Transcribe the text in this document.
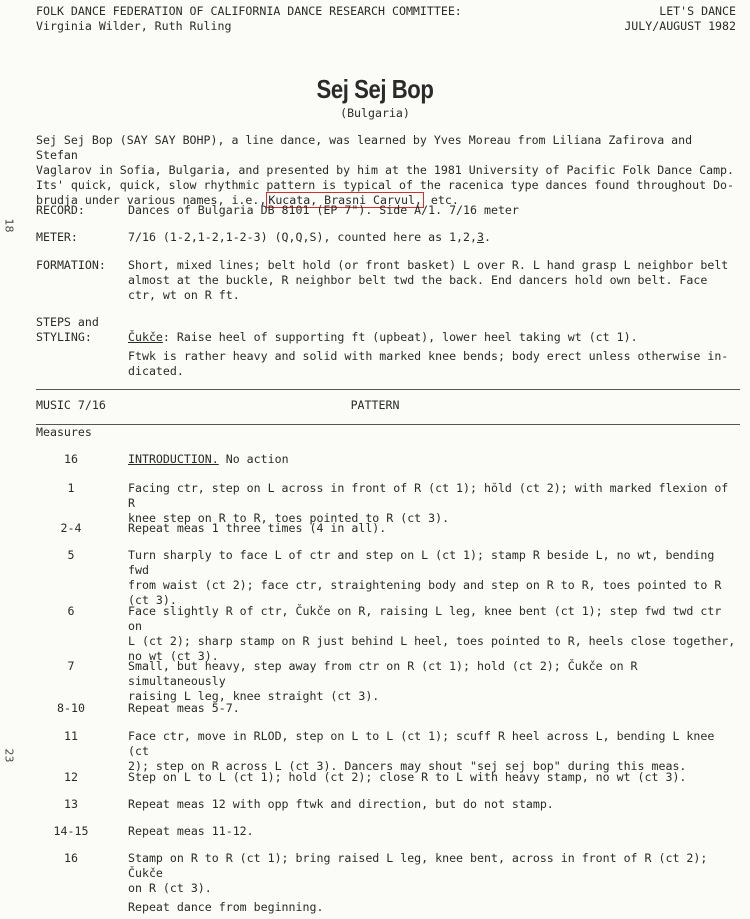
FOLK DANCE FEDERATION OF CALIFORNIA DANCE RESEARCH COMMITTEE:
Virginia Wilder, Ruth Ruling
LET'S DANCE
JULY/AUGUST 1982
Sej Sej Bop
(Bulgaria)
Sej Sej Bop (SAY SAY BOHP), a line dance, was learned by Yves Moreau from Liliana Zafirova and Stefan
Vaglarov in Sofia, Bulgaria, and presented by him at the 1981 University of Pacific Folk Dance Camp.
Its' quick, quick, slow rhythmic pattern is typical of the racenica type dances found throughout Do-
brudja under various names, i.e., Kucata, Brasni Carvul, etc.
18
23
RECORD:	Dances of Bulgaria DB 8101 (EP 7"). Side A/1. 7/16 meter
METER:	7/16 (1-2,1-2,1-2-3) (Q,Q,S), counted here as 1,2,3.
FORMATION:	Short, mixed lines; belt hold (or front basket) L over R. L hand grasp L neighbor belt
almost at the buckle, R neighbor belt twd the back. End dancers hold own belt. Face
ctr, wt on R ft.
STEPS and
STYLING:	Čukče: Raise heel of supporting ft (upbeat), lower heel taking wt (ct 1).
Ftwk is rather heavy and solid with marked knee bends; body erect unless otherwise in-
dicated.
MUSIC 7/16	PATTERN
Measures
16	INTRODUCTION. No action
1	Facing ctr, step on L across in front of R (ct 1); hŏld (ct 2); with marked flexion of R
knee step on R to R, toes pointed to R (ct 3).
2-4	Repeat meas 1 three times (4 in all).
5	Turn sharply to face L of ctr and step on L (ct 1); stamp R beside L, no wt, bending fwd
from waist (ct 2); face ctr, straightening body and step on R to R, toes pointed to R
(ct 3).
6	Face slightly R of ctr, Čukče on R, raising L leg, knee bent (ct 1); step fwd twd ctr on
L (ct 2); sharp stamp on R just behind L heel, toes pointed to R, heels close together,
no wt (ct 3).
7	Small, but heavy, step away from ctr on R (ct 1); hold (ct 2); Čukče on R simultaneously
raising L leg, knee straight (ct 3).
8-10	Repeat meas 5-7.
11	Face ctr, move in RLOD, step on L to L (ct 1); scuff R heel across L, bending L knee (ct
2); step on R across L (ct 3). Dancers may shout "sej sej bop" during this meas.
12	Step on L to L (ct 1); hold (ct 2); close R to L with heavy stamp, no wt (ct 3).
13	Repeat meas 12 with opp ftwk and direction, but do not stamp.
14-15	Repeat meas 11-12.
16	Stamp on R to R (ct 1); bring raised L leg, knee bent, across in front of R (ct 2); Čukče
on R (ct 3).
Repeat dance from beginning.
